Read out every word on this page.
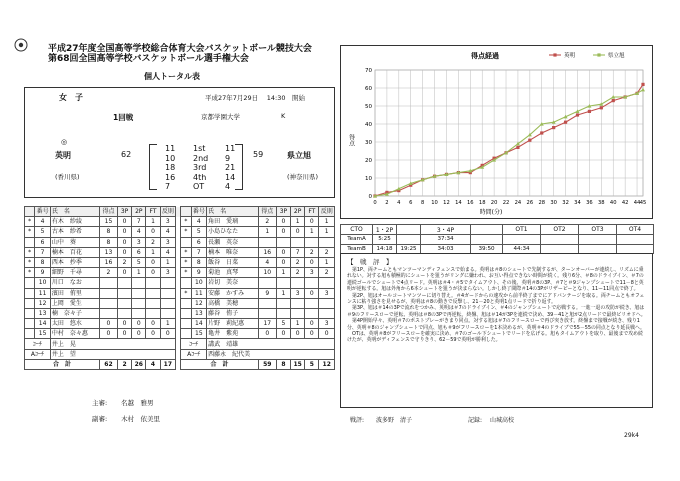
平成27年度全国高等学校総合体育大会バスケットボール競技大会
第68回全国高等学校バスケットボール選手権大会
個人トータル表
女　子	平成27年7月29日　 14:30　開始
1回戦	京都学園大学	K
◎
英明	62
(香川県)
11 1st 11
10 2nd 9
18 3rd 21
16 4th 14
7	OT	4
59	県立旭
(神奈川県)
	番号	氏　名	得点	3P	2P	FT	反則			番号	氏　名	得点	3P	2P	FT	反則
*	4	有木　紗綾	15	0	7	1	3		*	4	角田　愛璃	2	0	1	0	1
*	5	古本　紗希	8	0	4	0	4		*	5	小島ひなた	1	0	0	1	1
	6	山中　葵	8	0	3	2	3			6	長瀬　英奈					
*	7	楠本　百花	13	0	6	1	4		*	7	楠本　唯奈	16	0	7	2	2
*	8	西本　抄季	16	2	5	0	1		*	8	飯谷　日菜	4	0	2	0	1
*	9	細野　千尋	2	0	1	0	3		*	9	菊池　真琴	10	1	2	3	2
	10	川口　なお								10	岩切　美奈					
	11	濱田　侑里							*	11	安藤　かすみ	9	1	3	0	3
	12	上岡　愛生								12	高橋　美穂					
	13	楠　奈々子								13	藤谷　侑子					
	14	太田　悠水	0	0	0	0	1			14	片野　莉紀惠	17	5	1	0	3
	15	中村　奈々惠	0	0	0	0	0			15	亀井　紫苑	0	0	0	0	0
ｺｰﾁ		井上　晃							ｺｰﾁ		講武　靖雄					
Aｺｰﾁ		井上　望							Aｺｰﾁ		西藤永　紀代美					
合　計			62	2	26	4	17		合　計			59	8	15	5	12
主審: 名越　雅男
副審: 木村　依美里
0
10
20
30
40
50
60
70
0 2 4 6 8 10 12 14 16 18 20 22 24 26 28 30 32 34 36 38 40 42 44 45
得点経過
時間(分)
得点
英明	県立旭
CTO	1・2P		3・4P		OT1	OT2	OT3	OT4
TeamA	5:25		37:34					
TeamB	14:18	19:25	34:03	39:50	44:34			
【　戦　評　】

第1P、両チームともマンツーマンディフェンスで始まる。英明は＃8のシュートで先制するが、ターンオーバーが連続し、リズムに乗れない。対する旭も積極的にシュートを狙うがリングに嫌われ、お互い得点できない時間が続く。残り6分、＃8のドライブイン、＃7の連続ゴールでシュートで4点リード。英明は＃4・＃5でタイムアウト、その後、英明＃8の3P、＃7と＃9ジャンプシュートで11－8と英明が逆転する。旭は外角から6本シュートを狙うが決まらない。しかし終了間際＃14の3Pがリザーピーとなり、11ー11同点で終了。

第2P、旭はオールコートマンツーに切り替え。＃4ガードからの速攻から前半終了までにアドバンテージを取る。両チームともオフェンスに粘り強さを見せるが、英明は＃8の動きで反撃し、21－20と英明1点リードで折り返す。

第3P、旭は＃14の3Pで流れをつかみ、英明は＃7のドライブイン、＃4のジャンプシュートで応戦する。一進一退の攻防が続き、旭は＃9のフリースローで逆転、英明は＃8の3Pで再逆転。終盤、旭は＃14が3Pを連続で決め、39－41と旭が2点リードで最終ピリオドへ。

第4P開始早々、英明＃7のポストプレーがきまり同点。対する旭は＃7のフリースローで再び突き放す。終盤まで接戦が続き、残り1分、英明＃8のジャンプシュートで同点、旭も＃9がフリースローを1本決めるが、英明＃4のドライブで55－55の同点となり延長戦へ。

OTは、英明＃8がフリースローを確実に決め、＃7のゴール下シュートでリードを広げる。旭もタイムアウトを取り、最後まで攻め続けたが、英明がディフェンスで守りきり、62－59で英明が勝利した。

戦評: 波多野　清子	記録: 山城高校
29k4
